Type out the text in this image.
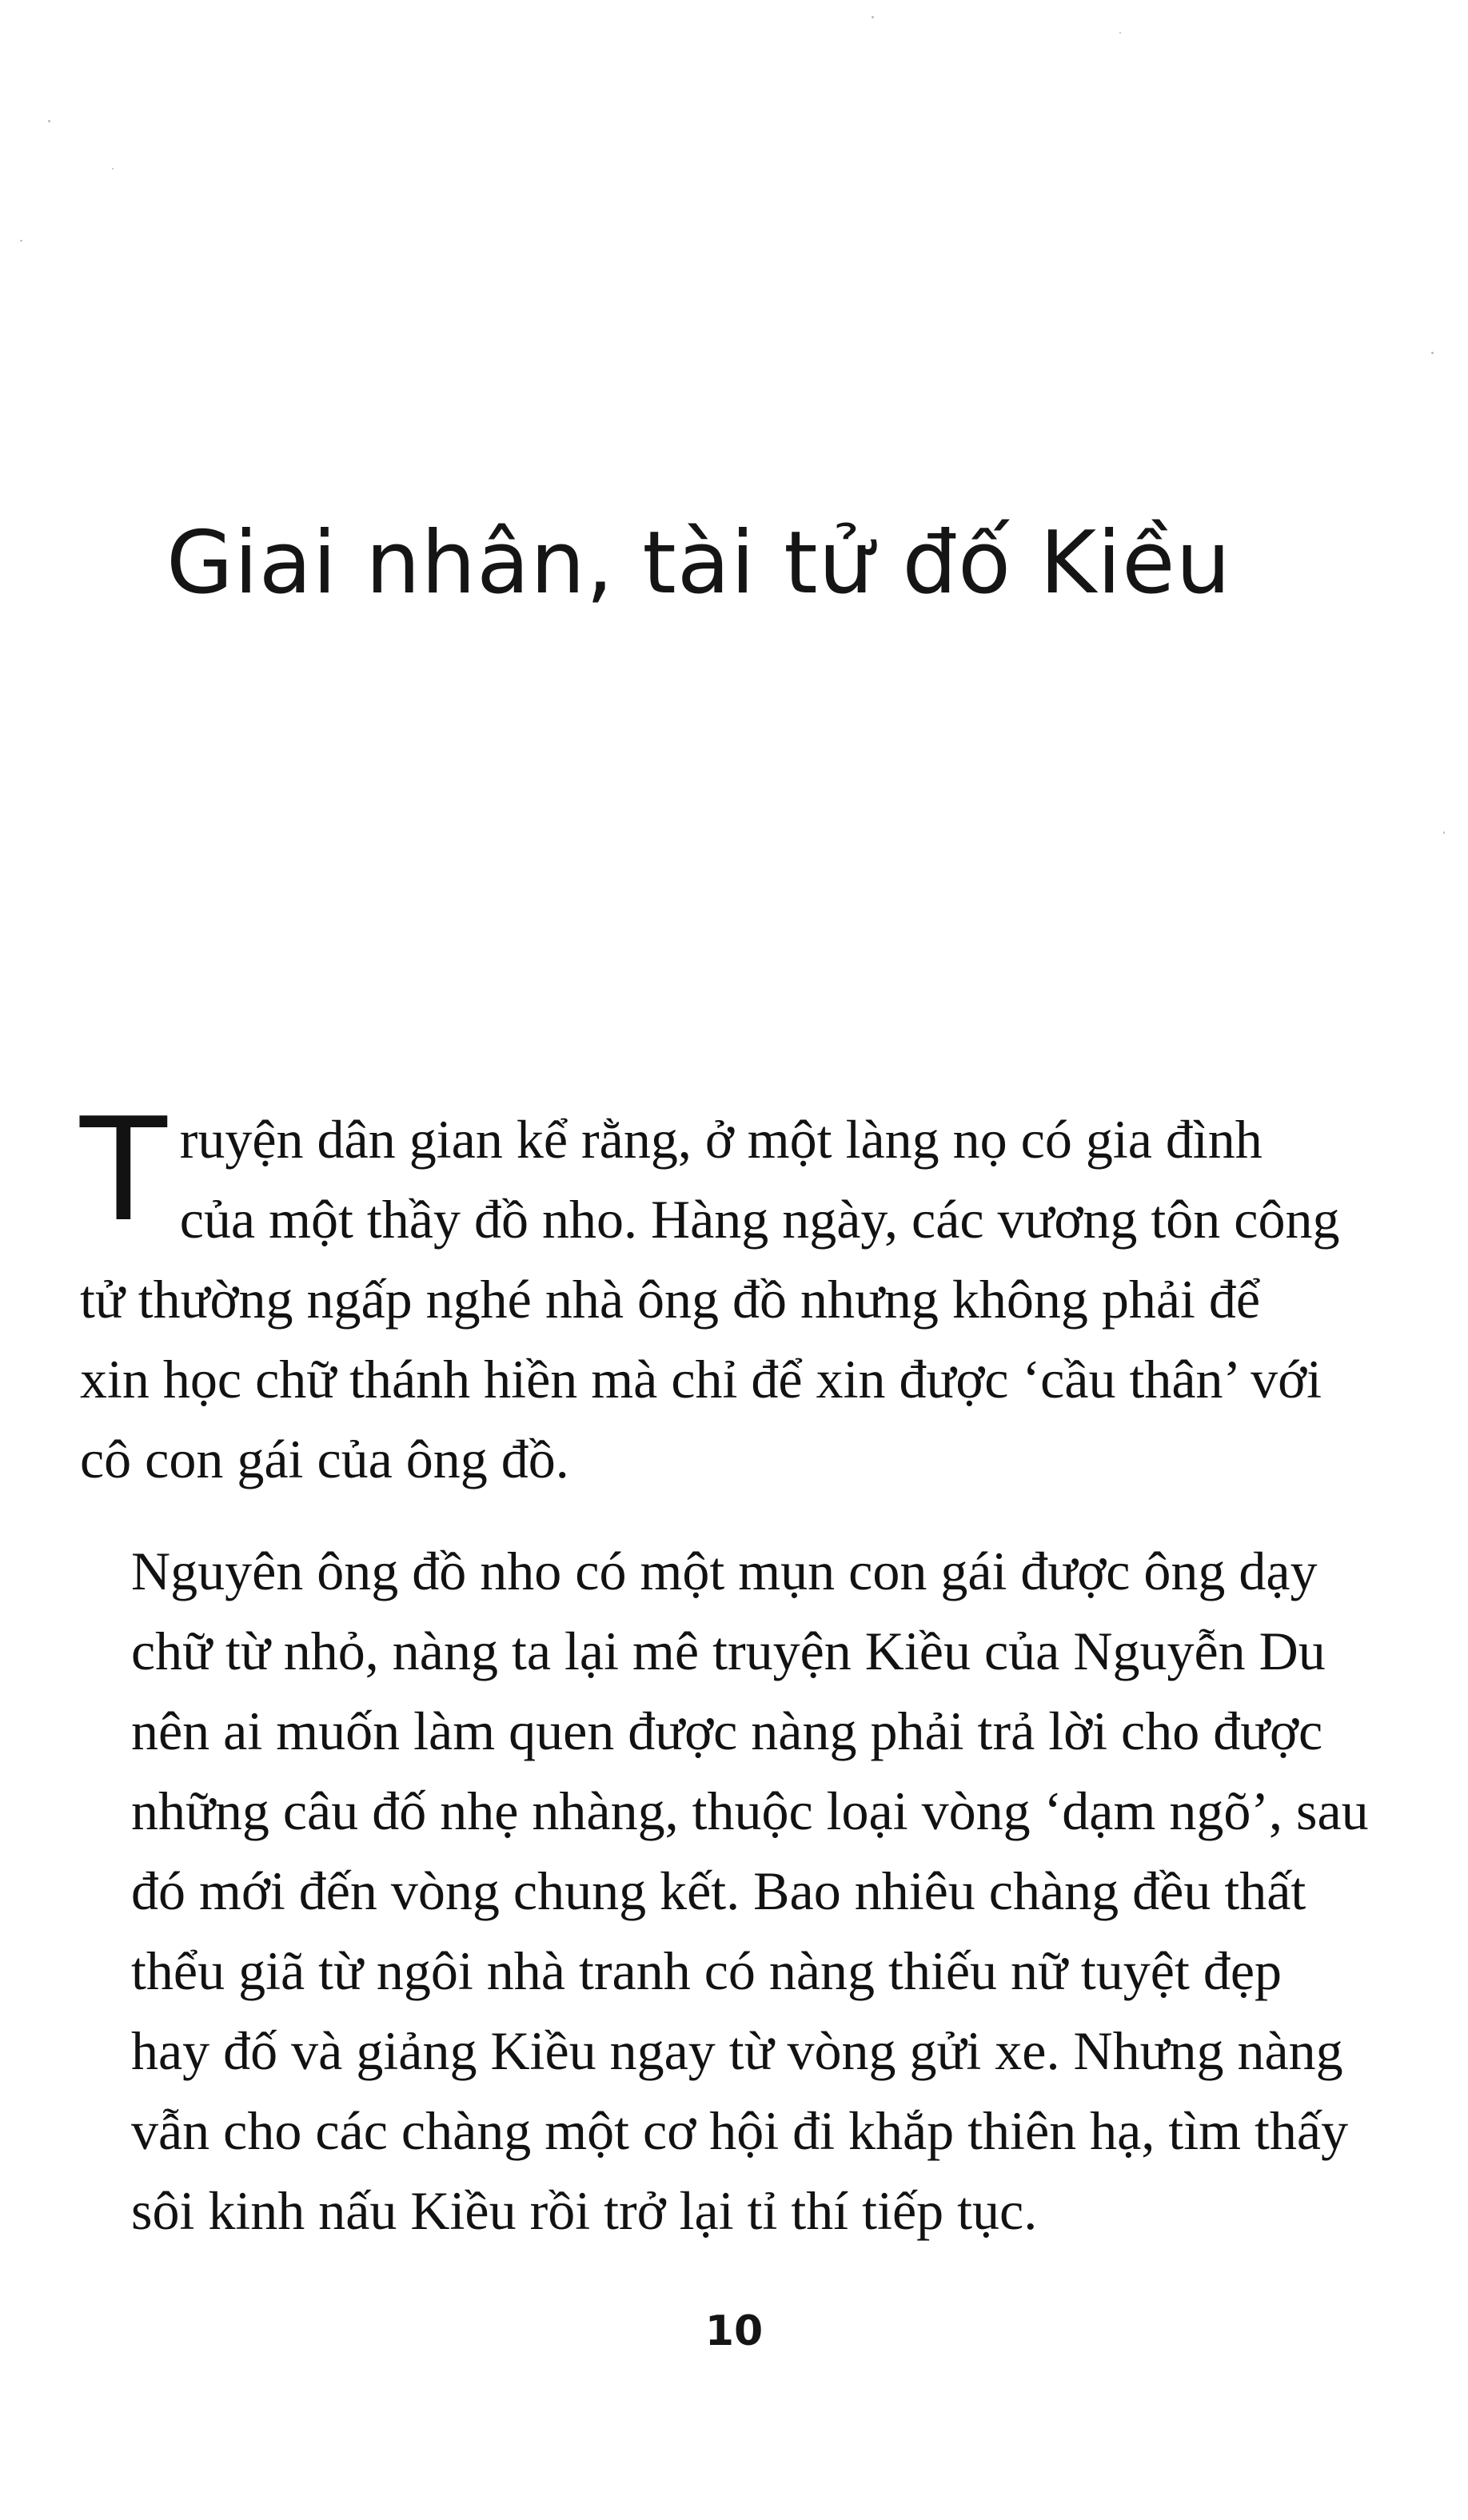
Giai nhân, tài tử đố Kiều

Truyện dân gian kể rằng, ở một làng nọ có gia đình
của một thầy đồ nho. Hàng ngày, các vương tôn công
tử thường ngấp nghé nhà ông đồ nhưng không phải để
xin học chữ thánh hiền mà chỉ để xin được ‘cầu thân’ với
cô con gái của ông đồ.

Nguyên ông đồ nho có một mụn con gái được ông dạy
chữ từ nhỏ, nàng ta lại mê truyện Kiều của Nguyễn Du
nên ai muốn làm quen được nàng phải trả lời cho được
những câu đố nhẹ nhàng, thuộc loại vòng ‘dạm ngõ’, sau
đó mới đến vòng chung kết. Bao nhiêu chàng đều thất
thểu giã từ ngôi nhà tranh có nàng thiếu nữ tuyệt đẹp
hay đố và giảng Kiều ngay từ vòng gửi xe. Nhưng nàng
vẫn cho các chàng một cơ hội đi khắp thiên hạ, tìm thấy
sôi kinh nấu Kiều rồi trở lại tỉ thí tiếp tục.

10
